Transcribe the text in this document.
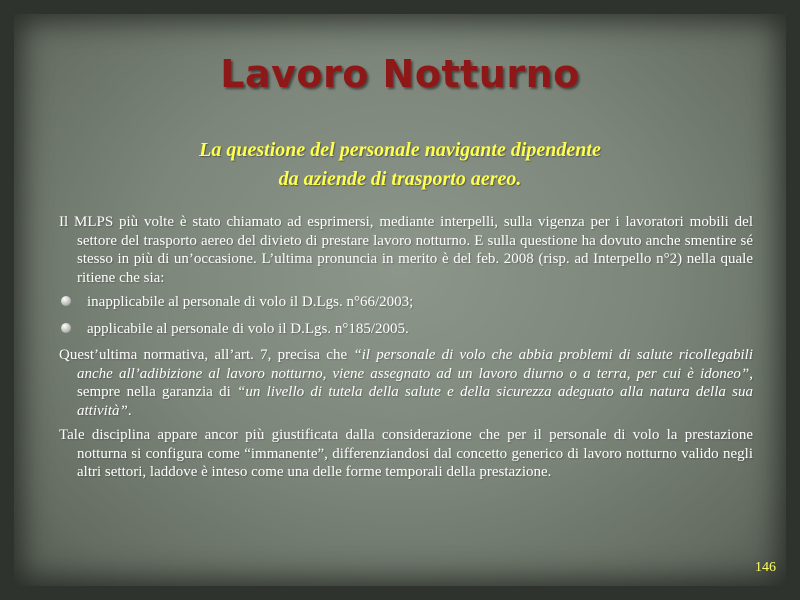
Lavoro Notturno
La questione del personale navigante dipendente
da aziende di trasporto aereo.

Il MLPS più volte è stato chiamato ad esprimersi, mediante interpelli, sulla vigenza per i lavoratori mobili del settore del trasporto aereo del divieto di prestare lavoro notturno. E sulla questione ha dovuto anche smentire sé stesso in più di un’occasione. L’ultima pronuncia in merito è del feb. 2008 (risp. ad Interpello n°2) nella quale ritiene che sia:

inapplicabile al personale di volo il D.Lgs. n°66/2003;
applicabile al personale di volo il D.Lgs. n°185/2005.

Quest’ultima normativa, all’art. 7, precisa che “il personale di volo che abbia problemi di salute ricollegabili anche all’adibizione al lavoro notturno, viene assegnato ad un lavoro diurno o a terra, per cui è idoneo”, sempre nella garanzia di “un livello di tutela della salute e della sicurezza adeguato alla natura della sua attività”.

Tale disciplina appare ancor più giustificata dalla considerazione che per il personale di volo la prestazione notturna si configura come “immanente”, differenziandosi dal concetto generico di lavoro notturno valido negli altri settori, laddove è inteso come una delle forme temporali della prestazione.

146
